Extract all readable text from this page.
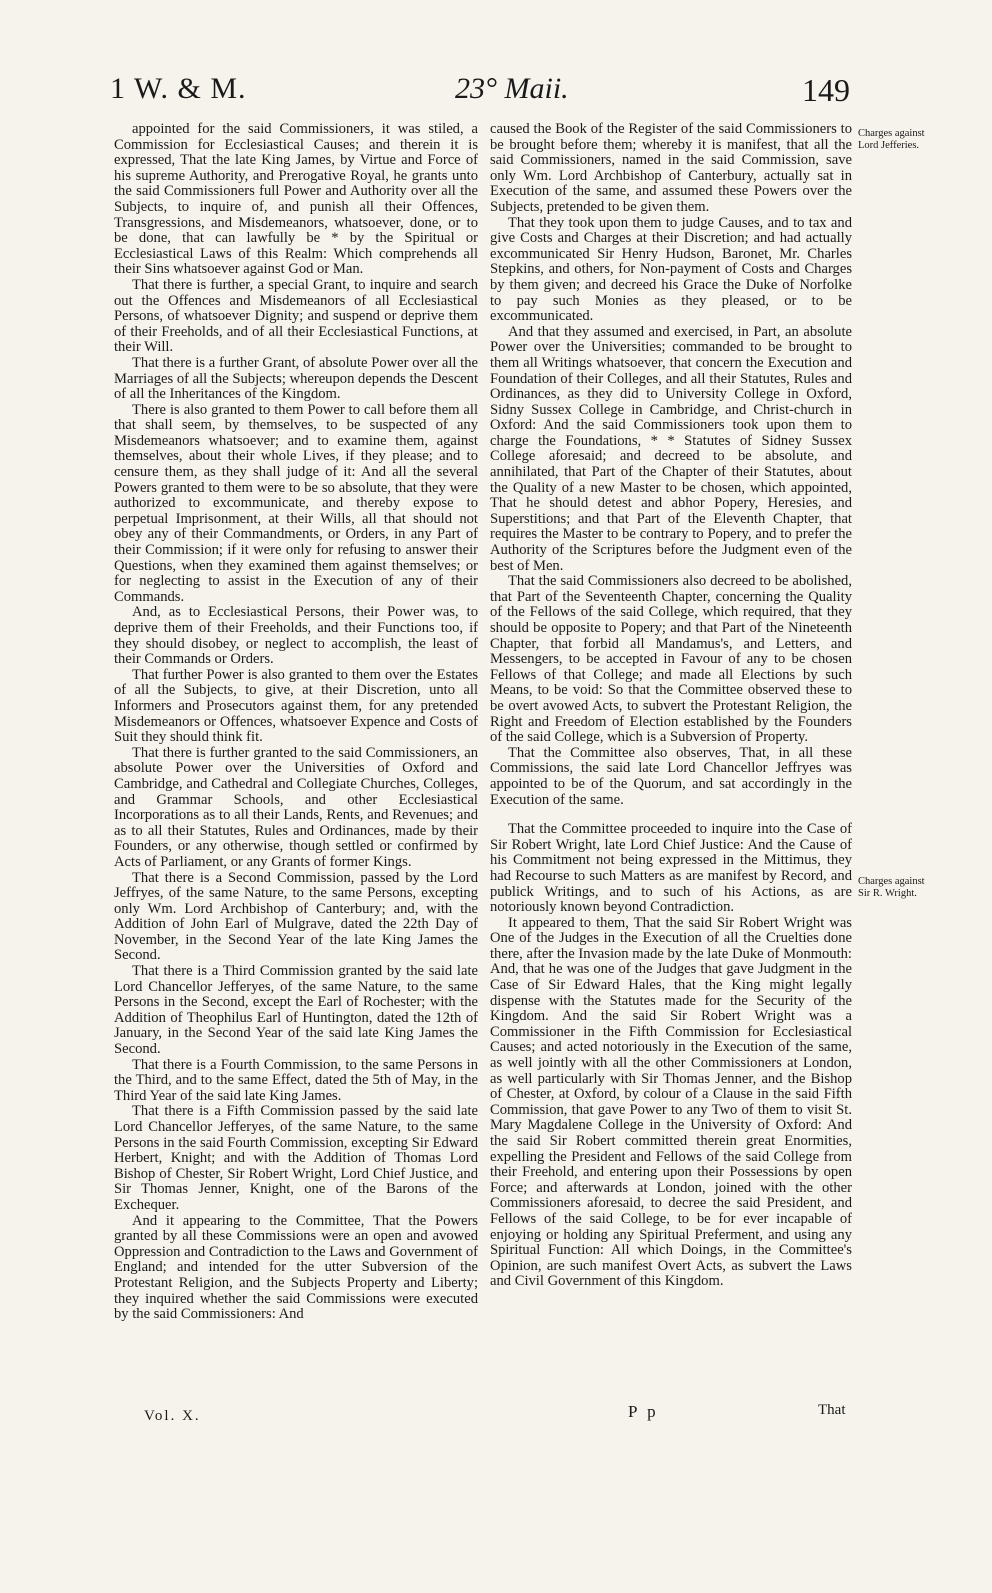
1 W. & M.	23° Maii.	149

appointed for the said Commissioners, it was stiled, a Commission for Ecclesiastical Causes; and therein it is expressed, That the late King James, by Virtue and Force of his supreme Authority, and Prerogative Royal, he grants unto the said Commissioners full Power and Authority over all the Subjects, to inquire of, and punish all their Offences, Transgressions, and Misdemeanors, whatsoever, done, or to be done, that can lawfully be * by the Spiritual or Ecclesiastical Laws of this Realm: Which comprehends all their Sins whatsoever against God or Man.

That there is further, a special Grant, to inquire and search out the Offences and Misdemeanors of all Ecclesiastical Persons, of whatsoever Dignity; and suspend or deprive them of their Freeholds, and of all their Ecclesiastical Functions, at their Will.

That there is a further Grant, of absolute Power over all the Marriages of all the Subjects; whereupon depends the Descent of all the Inheritances of the Kingdom.

There is also granted to them Power to call before them all that shall seem, by themselves, to be suspected of any Misdemeanors whatsoever; and to examine them, against themselves, about their whole Lives, if they please; and to censure them, as they shall judge of it: And all the several Powers granted to them were to be so absolute, that they were authorized to excommunicate, and thereby expose to perpetual Imprisonment, at their Wills, all that should not obey any of their Commandments, or Orders, in any Part of their Commission; if it were only for refusing to answer their Questions, when they examined them against themselves; or for neglecting to assist in the Execution of any of their Commands.

And, as to Ecclesiastical Persons, their Power was, to deprive them of their Freeholds, and their Functions too, if they should disobey, or neglect to accomplish, the least of their Commands or Orders.

That further Power is also granted to them over the Estates of all the Subjects, to give, at their Discretion, unto all Informers and Prosecutors against them, for any pretended Misdemeanors or Offences, whatsoever Expence and Costs of Suit they should think fit.

That there is further granted to the said Commissioners, an absolute Power over the Universities of Oxford and Cambridge, and Cathedral and Collegiate Churches, Colleges, and Grammar Schools, and other Ecclesiastical Incorporations as to all their Lands, Rents, and Revenues; and as to all their Statutes, Rules and Ordinances, made by their Founders, or any otherwise, though settled or confirmed by Acts of Parliament, or any Grants of former Kings.

That there is a Second Commission, passed by the Lord Jeffryes, of the same Nature, to the same Persons, excepting only Wm. Lord Archbishop of Canterbury; and, with the Addition of John Earl of Mulgrave, dated the 22th Day of November, in the Second Year of the late King James the Second.

That there is a Third Commission granted by the said late Lord Chancellor Jefferyes, of the same Nature, to the same Persons in the Second, except the Earl of Rochester; with the Addition of Theophilus Earl of Huntington, dated the 12th of January, in the Second Year of the said late King James the Second.

That there is a Fourth Commission, to the same Persons in the Third, and to the same Effect, dated the 5th of May, in the Third Year of the said late King James.

That there is a Fifth Commission passed by the said late Lord Chancellor Jefferyes, of the same Nature, to the same Persons in the said Fourth Commission, excepting Sir Edward Herbert, Knight; and with the Addition of Thomas Lord Bishop of Chester, Sir Robert Wright, Lord Chief Justice, and Sir Thomas Jenner, Knight, one of the Barons of the Exchequer.

And it appearing to the Committee, That the Powers granted by all these Commissions were an open and avowed Oppression and Contradiction to the Laws and Government of England; and intended for the utter Subversion of the Protestant Religion, and the Subjects Property and Liberty; they inquired whether the said Commissions were executed by the said Commissioners: And

caused the Book of the Register of the said Commissioners to be brought before them; whereby it is manifest, that all the said Commissioners, named in the said Commission, save only Wm. Lord Archbishop of Canterbury, actually sat in Execution of the same, and assumed these Powers over the Subjects, pretended to be given them.

That they took upon them to judge Causes, and to tax and give Costs and Charges at their Discretion; and had actually excommunicated Sir Henry Hudson, Baronet, Mr. Charles Stepkins, and others, for Non-payment of Costs and Charges by them given; and decreed his Grace the Duke of Norfolke to pay such Monies as they pleased, or to be excommunicated.

And that they assumed and exercised, in Part, an absolute Power over the Universities; commanded to be brought to them all Writings whatsoever, that concern the Execution and Foundation of their Colleges, and all their Statutes, Rules and Ordinances, as they did to University College in Oxford, Sidny Sussex College in Cambridge, and Christ-church in Oxford: And the said Commissioners took upon them to charge the Foundations, * * Statutes of Sidney Sussex College aforesaid; and decreed to be absolute, and annihilated, that Part of the Chapter of their Statutes, about the Quality of a new Master to be chosen, which appointed, That he should detest and abhor Popery, Heresies, and Superstitions; and that Part of the Eleventh Chapter, that requires the Master to be contrary to Popery, and to prefer the Authority of the Scriptures before the Judgment even of the best of Men.

That the said Commissioners also decreed to be abolished, that Part of the Seventeenth Chapter, concerning the Quality of the Fellows of the said College, which required, that they should be opposite to Popery; and that Part of the Nineteenth Chapter, that forbid all Mandamus's, and Letters, and Messengers, to be accepted in Favour of any to be chosen Fellows of that College; and made all Elections by such Means, to be void: So that the Committee observed these to be overt avowed Acts, to subvert the Protestant Religion, the Right and Freedom of Election established by the Founders of the said College, which is a Subversion of Property.

That the Committee also observes, That, in all these Commissions, the said late Lord Chancellor Jeffryes was appointed to be of the Quorum, and sat accordingly in the Execution of the same.

That the Committee proceeded to inquire into the Case of Sir Robert Wright, late Lord Chief Justice: And the Cause of his Commitment not being expressed in the Mittimus, they had Recourse to such Matters as are manifest by Record, and publick Writings, and to such of his Actions, as are notoriously known beyond Contradiction.

It appeared to them, That the said Sir Robert Wright was One of the Judges in the Execution of all the Cruelties done there, after the Invasion made by the late Duke of Monmouth: And, that he was one of the Judges that gave Judgment in the Case of Sir Edward Hales, that the King might legally dispense with the Statutes made for the Security of the Kingdom. And the said Sir Robert Wright was a Commissioner in the Fifth Commission for Ecclesiastical Causes; and acted notoriously in the Execution of the same, as well jointly with all the other Commissioners at London, as well particularly with Sir Thomas Jenner, and the Bishop of Chester, at Oxford, by colour of a Clause in the said Fifth Commission, that gave Power to any Two of them to visit St. Mary Magdalene College in the University of Oxford: And the said Sir Robert committed therein great Enormities, expelling the President and Fellows of the said College from their Freehold, and entering upon their Possessions by open Force; and afterwards at London, joined with the other Commissioners aforesaid, to decree the said President, and Fellows of the said College, to be for ever incapable of enjoying or holding any Spiritual Preferment, and using any Spiritual Function: All which Doings, in the Committee's Opinion, are such manifest Overt Acts, as subvert the Laws and Civil Government of this Kingdom.

Charges against Lord Jefferies.
Charges against Sir R. Wright.
Vol. X.	P p	That
